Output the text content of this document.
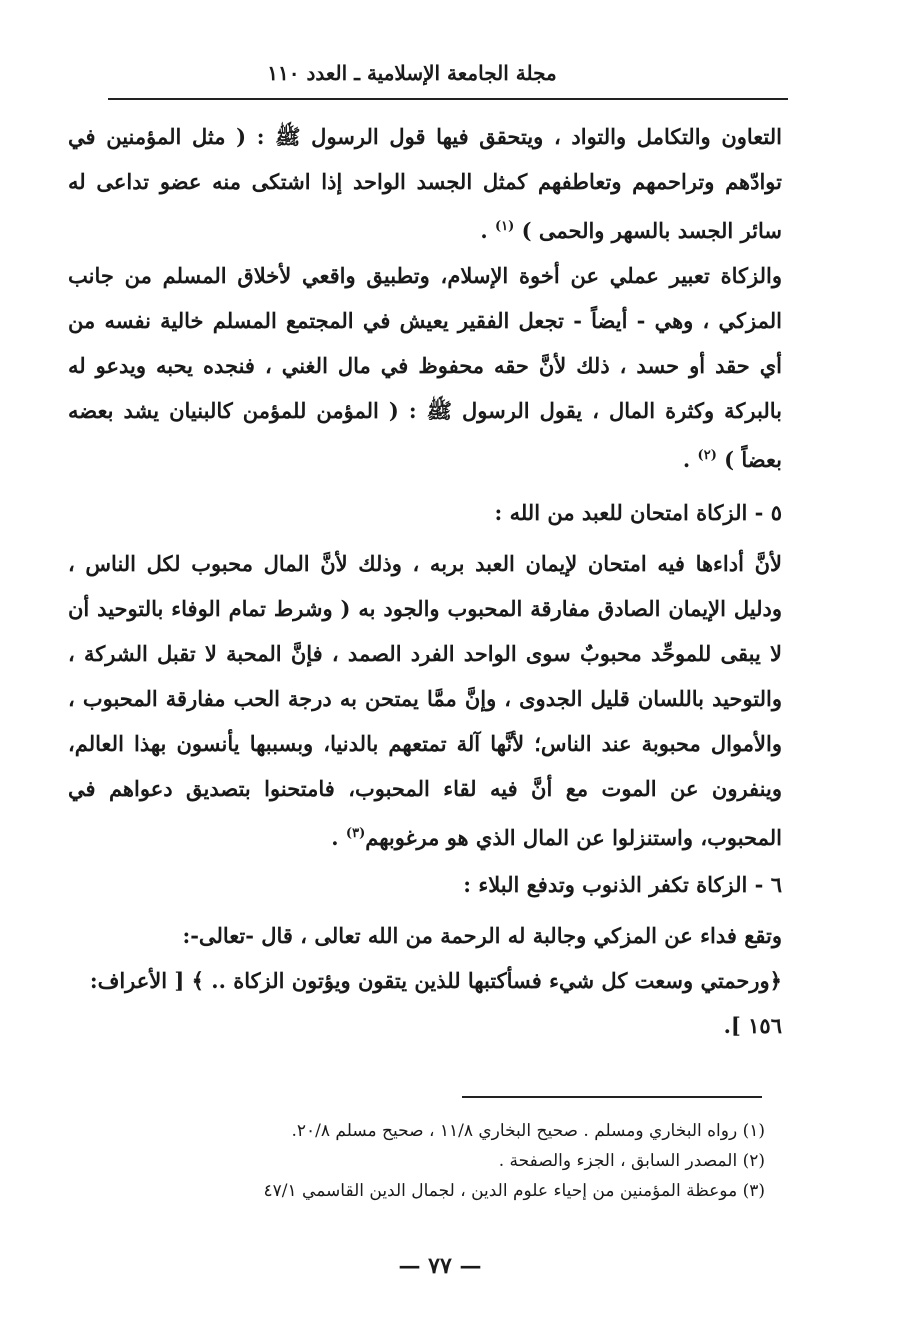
مجلة الجامعة الإسلامية ـ العدد ١١٠

التعاون والتكامل والتواد ، ويتحقق فيها قول الرسول ﷺ : ( مثل المؤمنين في توادّهم وتراحمهم وتعاطفهم كمثل الجسد الواحد إذا اشتكى منه عضو تداعى له سائر الجسد بالسهر والحمى ) $^{(١)}$ .

والزكاة تعبير عملي عن أخوة الإسلام، وتطبيق واقعي لأخلاق المسلم من جانب المزكي ، وهي - أيضاً - تجعل الفقير يعيش في المجتمع المسلم خالية نفسه من أي حقد أو حسد ، ذلك لأنَّ حقه محفوظ في مال الغني ، فنجده يحبه ويدعو له بالبركة وكثرة المال ، يقول الرسول ﷺ : ( المؤمن للمؤمن كالبنيان يشد بعضه بعضاً ) $^{(٢)}$ .

٥ - الزكاة امتحان للعبد من الله :

لأنَّ أداءها فيه امتحان لإيمان العبد بربه ، وذلك لأنَّ المال محبوب لكل الناس ، ودليل الإيمان الصادق مفارقة المحبوب والجود به ( وشرط تمام الوفاء بالتوحيد أن لا يبقى للموحِّد محبوبٌ سوى الواحد الفرد الصمد ، فإنَّ المحبة لا تقبل الشركة ، والتوحيد باللسان قليل الجدوى ، وإنَّ ممَّا يمتحن به درجة الحب مفارقة المحبوب ، والأموال محبوبة عند الناس؛ لأنَّها آلة تمتعهم بالدنيا، وبسببها يأنسون بهذا العالم، وينفرون عن الموت مع أنَّ فيه لقاء المحبوب، فامتحنوا بتصديق دعواهم في المحبوب، واستنزلوا عن المال الذي هو مرغوبهم$^{(٣)}$ .

٦ - الزكاة تكفر الذنوب وتدفع البلاء :

وتقع فداء عن المزكي وجالبة له الرحمة من الله تعالى ، قال -تعالى-:

﴿ورحمتي وسعت كل شيء فسأكتبها للذين يتقون ويؤتون الزكاة .. ﴾ [ الأعراف: ١٥٦ ].

(١) رواه البخاري ومسلم . صحيح البخاري ١١/٨ ، صحيح مسلم ٢٠/٨.

(٢) المصدر السابق ، الجزء والصفحة .

(٣) موعظة المؤمنين من إحياء علوم الدين ، لجمال الدين القاسمي ٤٧/١

— ٧٧ —
